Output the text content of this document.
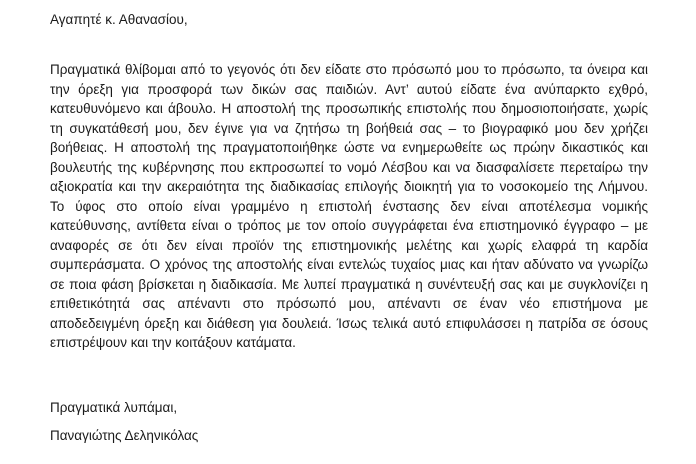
Αγαπητέ κ. Αθανασίου,
Πραγματικά θλίβομαι από το γεγονός ότι δεν είδατε στο πρόσωπό μου το πρόσωπο, τα όνειρα και
την όρεξη για προσφορά των δικών σας παιδιών. Αντ’ αυτού είδατε ένα ανύπαρκτο εχθρό,
κατευθυνόμενο και άβουλο. Η αποστολή της προσωπικής επιστολής που δημοσιοποιήσατε, χωρίς
τη συγκατάθεσή μου, δεν έγινε για να ζητήσω τη βοήθειά σας – το βιογραφικό μου δεν χρήζει
βοήθειας. Η αποστολή της πραγματοποιήθηκε ώστε να ενημερωθείτε ως πρώην δικαστικός και
βουλευτής της κυβέρνησης που εκπροσωπεί το νομό Λέσβου και να διασφαλίσετε περεταίρω την
αξιοκρατία και την ακεραιότητα της διαδικασίας επιλογής διοικητή για το νοσοκομείο της Λήμνου.
Το ύφος στο οποίο είναι γραμμένο η επιστολή ένστασης δεν είναι αποτέλεσμα νομικής
κατεύθυνσης, αντίθετα είναι ο τρόπος με τον οποίο συγγράφεται ένα επιστημονικό έγγραφο – με
αναφορές σε ότι δεν είναι προϊόν της επιστημονικής μελέτης και χωρίς ελαφρά τη καρδία
συμπεράσματα. Ο χρόνος της αποστολής είναι εντελώς τυχαίος μιας και ήταν αδύνατο να γνωρίζω
σε ποια φάση βρίσκεται η διαδικασία. Με λυπεί πραγματικά η συνέντευξή σας και με συγκλονίζει η
επιθετικότητά σας απέναντι στο πρόσωπό μου, απέναντι σε έναν νέο επιστήμονα με
αποδεδειγμένη όρεξη και διάθεση για δουλειά. Ίσως τελικά αυτό επιφυλάσσει η πατρίδα σε όσους
επιστρέψουν και την κοιτάξουν κατάματα.
Πραγματικά λυπάμαι,
Παναγιώτης Δεληνικόλας
